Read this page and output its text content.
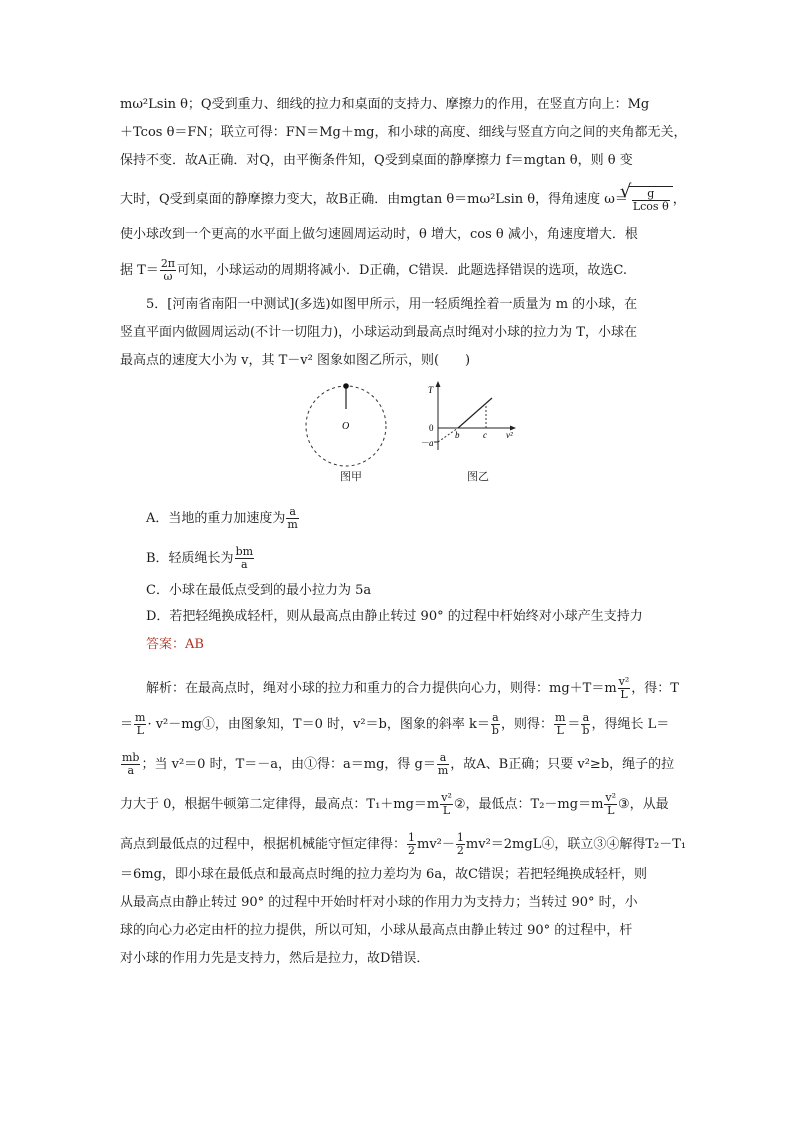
mω²Lsin θ；Q受到重力、细线的拉力和桌面的支持力、摩擦力的作用，在竖直方向上：Mg
＋Tcos θ＝FN；联立可得：FN＝Mg＋mg，和小球的高度、细线与竖直方向之间的夹角都无关，
保持不变．故A正确．对Q，由平衡条件知，Q受到桌面的静摩擦力 f＝mgtan θ，则 θ 变
大时，Q受到桌面的静摩擦力变大，故B正确．由mgtan θ＝mω²Lsin θ，得角速度 ω＝
√ $\frac{g}{\text{Lcos θ}}$ ，
使小球改到一个更高的水平面上做匀速圆周运动时，θ 增大，cos θ 减小，角速度增大．根
据 $T= \frac{2\pi}{\omega}$ 可知，小球运动的周期将减小．D正确，C错误．此题选择错误的选项，故选C.
5．[河南省南阳一中测试](多选)如图甲所示，用一轻质绳拴着一质量为 m 的小球，在
竖直平面内做圆周运动(不计一切阻力)，小球运动到最高点时绳对小球的拉力为 T，小球在
最高点的速度大小为 v，其 T－v² 图象如图乙所示，则(　　)
O
图甲
T
0
－a
b	c v²
图乙
A．当地的重力加速度为 $\frac{a}{m}$
B．轻质绳长为 $\frac{bm}{a}$
C．小球在最低点受到的最小拉力为 5a
D．若把轻绳换成轻杆，则从最高点由静止转过 90° 的过程中杆始终对小球产生支持力
答案：AB
解析：在最高点时，绳对小球的拉力和重力的合力提供向心力，则得：$mg+T=m \frac{\text{v²}}{L}$ ，得：T
＝ $\frac{m}{L}$ · v²－mg①，由图象知，T＝0 时，v²＝b，图象的斜率 $k= \frac{a}{b}$ ，则得： $\frac{m}{L} = \frac{a}{b}$ ，得绳长 L＝
$\frac{mb}{a}$ ；当 v²＝0 时，T＝－a，由①得：a＝mg，得 $g= \frac{a}{m}$ ，故A、B正确；只要 v²≥b，绳子的拉
力大于 0，根据牛顿第二定律得，最高点：$T_1+mg=m \frac{\text{v²}}{L}$ ②，最低点：$T_2-mg=m \frac{\text{v²}}{L}$ ③，从最
高点到最低点的过程中，根据机械能守恒定律得： $\frac{1}{2} mv^2- \frac{1}{2}$ mv²＝2mgL④，联立③④解得T₂－T₁
＝6mg，即小球在最低点和最高点时绳的拉力差均为 6a，故C错误；若把轻绳换成轻杆，则
从最高点由静止转过 90° 的过程中开始时杆对小球的作用力为支持力；当转过 90° 时，小
球的向心力必定由杆的拉力提供，所以可知，小球从最高点由静止转过 90° 的过程中，杆
对小球的作用力先是支持力，然后是拉力，故D错误．
